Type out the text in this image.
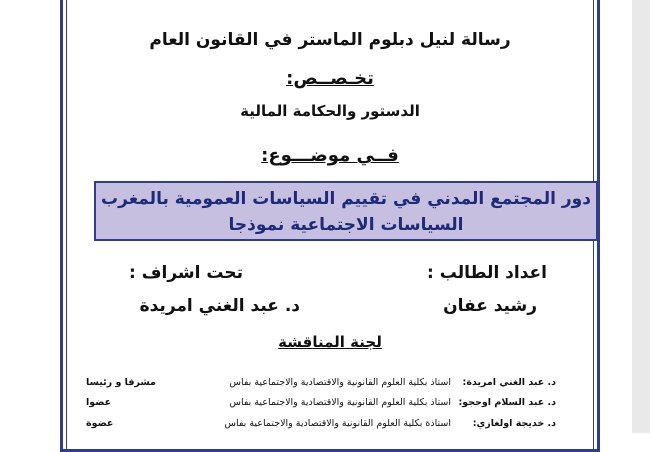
رسالة لنيل دبلوم الماستر في القانون العام
تخـصــص:
الدستور والحكامة المالية
فــي موضـــوع:
دور المجتمع المدني في تقييم السياسات العمومية بالمغرب
السياسات الاجتماعية نموذجا
اعداد الطالب :
رشيد عفان
تحت اشراف :
د. عبد الغني امريدة
لجنة المناقشة
د. عبد الغني امريدة:
استاذ بكلية العلوم القانونية والاقتصادية والاجتماعية بفاس
مشرفا و رئيسا
د. عبد السلام اوحجو:
استاذ بكلية العلوم القانونية والاقتصادية والاجتماعية بفاس
عضوا
د. خديجة اولغازي:
استاذة بكلية العلوم القانونية والاقتصادية والاجتماعية بفاس
عضوة
